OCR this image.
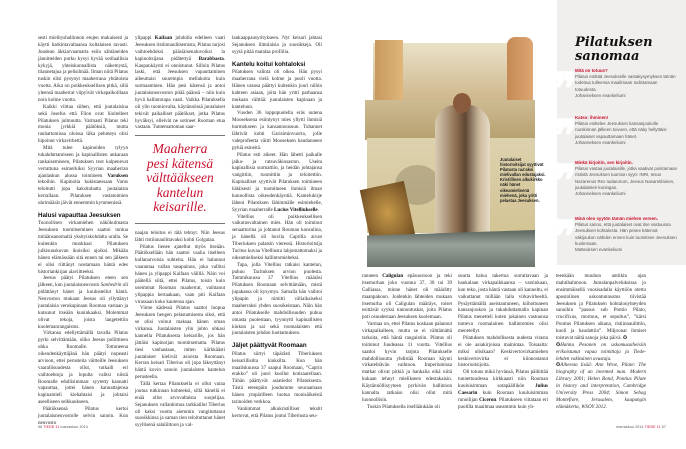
sesti mielityshallinnon etujen mukaisesti ja käytti harkintavaltaansa koltalaisen tavasti. Juudean äkkiarvaamatta esiin sähtäneiden jännitteiden purku kysyi hyvää sotilaallisia kykyjä, yhteiskunnallista näkemystä, tilannetajua ja pelisilmää. Ilman niitä Pilatus tuskin olisi pysynyt maaherrana yhtätoista vuotta. Aika on poikkeuksellisen pitkä, sillä yleensä maaherrat viipyivät virkapaikoillaan noin kolme vuotta.

Kaikki viittaa siihen, että juutalaisina sekä Josefus että Filon ovat liioitelleet Pilatuksen julmuutta. Varmasti Pilatus teki monia jyrkkiä päätöksiä, mutta rauhattomissa oloissa liika pehmeys olisi hipoinut virkavirhettä.

Mitä tulee kapinoiden tylyyn tukahduttamiseen ja kapinallisten ankaraan rankaisemiseen, Pilatuksen teot kalpenevat verrattuna esimerkiksi Syyrian maaherran ajanlaskun alussa toimineen Varuksen tekoihin. Kapinoita kukistaessaan Varus teloitutti jopa kaksituhatta juutalaista kerrallaan. Pilatuksen vastatoimien uhrimäärät jäivät ennemmin kymmenissä.

Halusi vapauttaa Jeesuksen

Tuonollisen virkamiehen näkökulmasta Jeesuksen tuomitseminen saattoi tuntua mitäänsanomaltä yksityiskohdalta uralla. Se kuitenkin muokkasi Pilatuksen julkisuuskuvan ikuisiksi ajoiksi. Mikään hänen elämässään sitä ennen tai sen jälkeen ei olisi riittänyt nostamaan häntä edes historiankirjan alaviitteeksi.

Jeesus päätyi Pilatuksen eteen sen jälkeen, kun juutalaisneuvosto Sanhedrin oli pidättänyt hänet ja kuulustellut häntä. Neuvoston mukaan Jeesus oli yllyttänyt juutalaisia verokapinaan Roomaa vastaan ja kutsunut itseään kuninkaaksi. Molemmat olivat tekoja, joista langetettiin kuolemanrangaistus.

Virkansa edellyttämällä tavalla Pilatus pyrki selvittämään, oliko Jeesus poliittinen uhka Roomalle. Tottuneena oikeudenkäyttäjänä hän päätyi nopeasti arvioon, ettei perusteita väitteille Jeesuksen vaarallisuudesta ollut, tutkaili eri vaihtoehtoja ja lopulta valitsi niistä Roomalle edullisimman: syytetty kannatti vapauttaa, jottei hänen kannattajensa kapinamieli kiehahtaisi ja johtaisi aseelliseen selkkaukseen.

Päätöksensä Pilatus kertoi juutalaisneuvostolle selvin sanoin. Kun neuvosto

ylipappi Kaifaan johdolla edelleen vaati Jeesuksen ristiinnaulitsemista, Pilatus tarjosi vaihtoehdoksi pääsiäisenaluvoiksi la kapinoitsijana pidätettyä Barabbasta. Kaupankäynti ei onnistunut. Silloin Pilatus laski, että Jeesuksen vapauttaminen aiheuttaisi suurempia mellakoita kuin surmaaminen. Hän pesi kätensä ja antoi juutalaisneuvoston pitää päänsä – niin kuin hyvä hallintotapa vaati. Vaikka Pilatuksella oli ylin tuomiovalta, käytännössä juutalaiset tekivät paikalliset päätökset, jotka Pilatus hyväksyi, elleivät ne sotineet Rooman etua vastaan. Tuntemattoman saar-

Maaherra
pesi kätensä
välttääkseen
kantelun keisarille.

naajan teloitus ei tätä tehnyt. Niin Jeesus lähti ristiinnaulittavaksi kohti Golgataa.

Pilatus lienee ajatellut myös itseään. Päätöksellään hän saattoi vaalia itselleen kullanarvoisia suhteita. Hän ei halunnut vaarantaa vallan tasapainoa, joka vallitsi hänen ja ylipappi Kaifaan välillä. Näin voi päätellä siitä, ettei Pilatus, toisin kuin useimmat Rooman maaherrat, vaihtanut ylipappia kertaakaan, vaan piti Kaifaan virassaan koko kautensa ajan.

Viime kädessä Pilatus saattoi luopua Jeesuksen hengen pelastamisesta siksi, että se olisi voinut maksaa hänen oman virkansa. Juutalaisten ylin johto uhkasi kannella Pilatuksesta keisarille, jos hän jättäisi kapinoijan tuomitsematta. Pilatus tiesi vanhastaan, miten kärkkäästi juutalaiset kielivät asioista Roomaan. Kerran keisari Tiberius oli jopa läksyttänyt häntä kovin sanoin juutalaisten kantelun perusteella.

Tällä kertaa Pilatuksella ei ollut varaa joutua tutkinnan kohteeksi, sillä hänellä ei enää ollut arvovaltaista suojelijaa. Sejanuksen vallanhimoa tarkkaillut Tiberius oli kaksi vuotta aiemmin vangituttanut suosikkinsa ja saman tien teloituttanut hänet syyllisenä salaliittoon ja val-

lankaappausyritykseen. Nyt keisari jahtasi Sejanuksen liittolaisia ja suosikkeja. Oli syytä pitää matalaa profiilia.

Kantelu koitui kohtaloksi

Pilatuksen valinta oli oikea. Hän pysyi maaherrana vielä kolme ja puoli vuotta. Hänen uransa päättyi kuitenkin juuri niihin kahteen asiaan, joita hän yritti parhaansa mukaan välttää: juutalaisten kapinaan ja kanteluun.

Vuoden 36 loppupuolella eräs uutena Mooseksena esiintynyt mies yllytti ihmisiä hurmokseen ja kansannousuun. Tuhannet lähtivät kohti Garisiminvuorta, jolle valeprofeetta väitti Mooseksen haudanneen pyhiä esineitä.

Pilatus esti aikeet. Hän lähetti paikalle jalka- ja ratsuväkiosaston. Useita kapinallisia surmattiin, ja heidän johtajansa vangittiin, tuomittiin ja teloitettiin. Kapinalliset syyttivät Pilatuksen toimineen hätäisesti ja tuomitneen ihmisiä ilman kunnollista oikeudenkäyntiä. Kantelukirje läheni Pilatuksen lähimmälle esimiehelle, Syyrian maaherralle Lucius Vitelliukselle.

Vitellius oli poikkeuksellisen vaikutusvaltainen mies. Hän oli toiminut senaattorina ja johtanut Rooman konsulina, ja hänellä oli huvila Caprilla aivan Tiberiuksen palatsin vieressä. Historioitsija Tacitus kuvaa Vitelliusta lahjomattomaksi ja oikeamieliseksi hallintomieheksi.

Tapa, jolla Vitellius ratkaisi kantelun, puhuu Tacituksen arvion puolesta. Tammikuussa 37 Vitellius määräsi Pilatuksen Roomaan selvittämään, mistä jupakassa oli kysymys. Samalla hän vaihtoi ylipapin ja nimitti väliaikaiseksi maaherraksi yhden suosikeistaan. Näin hän antoi Pilatukselle mahdollisuuden puhua omasta puolestaan, tyynnytti kapinallisten kiukun ja sai sekä roomalaisten että juutalaisten johdon luottamuksen.

Jäljet päättyvät Roomaan

Pilatus siirtyi täpärästi Tiberiuksen keisarillisilta kiuksilta. Kun hän maaliskuussa 37 saapui Roomaan, ”Caprin erakko” oli juuri kuollut kotisaarellaan. Tähän päättyvät asiatiedot Pilatuksesta. Tästä eteenpäin joudumme seuraamaan hänen ympärilleen luotua monisäikeistä tarinoiden verkkoa.

Vanhimmat alkukristilliset tekstit kertovat, että Pilatus joutui Tiberiusta seu-

56 TIEDE 11 marraskuu 2014
Juutalaiset historioitsijat syyttivät Pilatusta raa'aksi mielivallan edustajaksi. Kristillinen alkukirkko näki hänet oikeamielisenä miehenä, joka yritti pelastaa Jeesuksen.
Pilatuksen
sanomaa
❞
Mitä on totuus?
Pilatus esittää Jeesukselle vastakysymyksen tämän todettua tulleensa maailmaan todistamaan totuudesta.
Johanneksen evankeliumi
❞
Katso: ihminen!
Pilatus esittelee Jeesuksen kansanjoukolle ruoskinnan jälkeen toivoen, että näky hellyttäisi juutalaiset vapauttamaan hänet.
Johanneksen evankeliumi
❞
Minkä kirjoitin, sen kirjoitin.
Pilatus vastaa juutalaisille, jotka vaativat poistamaan rististä Jeesuksen tuomion syyn: INRI, Iesus Nazarenus Rex Iudaeorum, Jeesus Nasaretilainen, juutalaisten kuningas.
Johanneksen evankeliumi
❞
Minä olen syytön tämän miehen vereen.
Pilatus sanoo, että juutalaiset ovat itse vastuussa Jeesuksen kohtalosta. Hän pesee kätensä väkijoukon nähden ennen kuin tuomitsee Jeesuksen kuolemaan.
Matteuksen evankeliumi

ranneen Caligulan epäsuosioon ja teki itsemurhan joko vuonna 37, 38 tai 39 Galliassa, minne hänet oli määrätty maanpakoon. Joidenkin lähteiden mukaan itsemurha oli Caligulan määräys, toiset esittävät syyksi tunnontuskat, joita Pilatus poti osuudestaan Jeesuksen kuolemaan.

Varmaa on, ettei Pilatus koskaan palannut virkapaikalleen, mutta se ei välttämättä tarkoita, että häntä rangaistiin. Pilatus oli toiminut Juudeassa 11 vuotta. Vitellius saattoi hyvin tarjota Pilatukselle mahdollisuutta yhdistää Rooman käynti virkatehtävän vaihtoon. Imperiumissa matkat olivat pitkiä ja hankalia eikä niitä kukaan tehnyt mielikseen edestakaisin. Käytännöllisyyteen pyrkivän hallinnon kannalta ratkaisu olisi ollut mitä luonnollisin.

Tuskin Pilatuksella itselläänkään oli

suurta halua takertua surrattavaan ja hankalaan virkapaikkaansa – varsinkaan, kun teko, josta häntä vastaan oli kanneltu, ei vaikuttanut millään laila virkavirheeltä. Pysäyttämällä aseistautuneen, kiihottuneen kansanjoukon ja tukahduttamalla kapinan Pilatus menetteli kuten jokainen vastuunsa tunteva roomalainen hallintomies olisi menetellyt.

Pilatuksen mahdollisesta uudesta virasta ei ole asiakirjoissa mainintaa. Toisaalta: miksi olisikaan? Keskivertovirkamiehen keskivertovirka ei kiinnostanut historioitsijoita.

Oli totuus mikä hyvänsä, Pilatus päihittää tunnettuudessa kirkkaasti niin Rooman kuuluisimman sotapäällikön Julius Caesarin kuin Rooman kuuluisimman runoilijan Ciceron. Pilatukseen viitataan eri puolilla maailmaa useammin kuin yh-

teenkään muuhun antiikin ajan mahtihahmoon. Jumalanpalveluksissa jo ensimmäisellä vuosisadalla käyttöön otettu apostolinen uskontunnustus tiivistää Jeesuksen ja Pilatuksen kohtalonyhteyden sanoihin ”passus sub Pontio Pilato, crucifixus, mortuus, et sepultus”, ”kärsi Pontius Pilatuksen aikana, ristiinnaulittiin, kuoli ja haudattiin”. Miljoonat ihmiset toistavat näitä sanoja joka päivä. ✪

✪Hannu Pesonen on uskomusaiheisiin erikoistunut vapaa toimittaja ja Tiede-lehden vakituinen avustaja.

✪Aiheesta lisää: Ann Wroe, Pilate: The biography of an invented man. Modern Library 2001; Helen Bond, Pontius Pilate in history and interpretation, Cambridge University Press 2004; Simon Sebag Montefiore, Jerusalem, kaupungin elämäkerta, WSOY 2012.

marraskuu 2014 TIEDE 11 57
